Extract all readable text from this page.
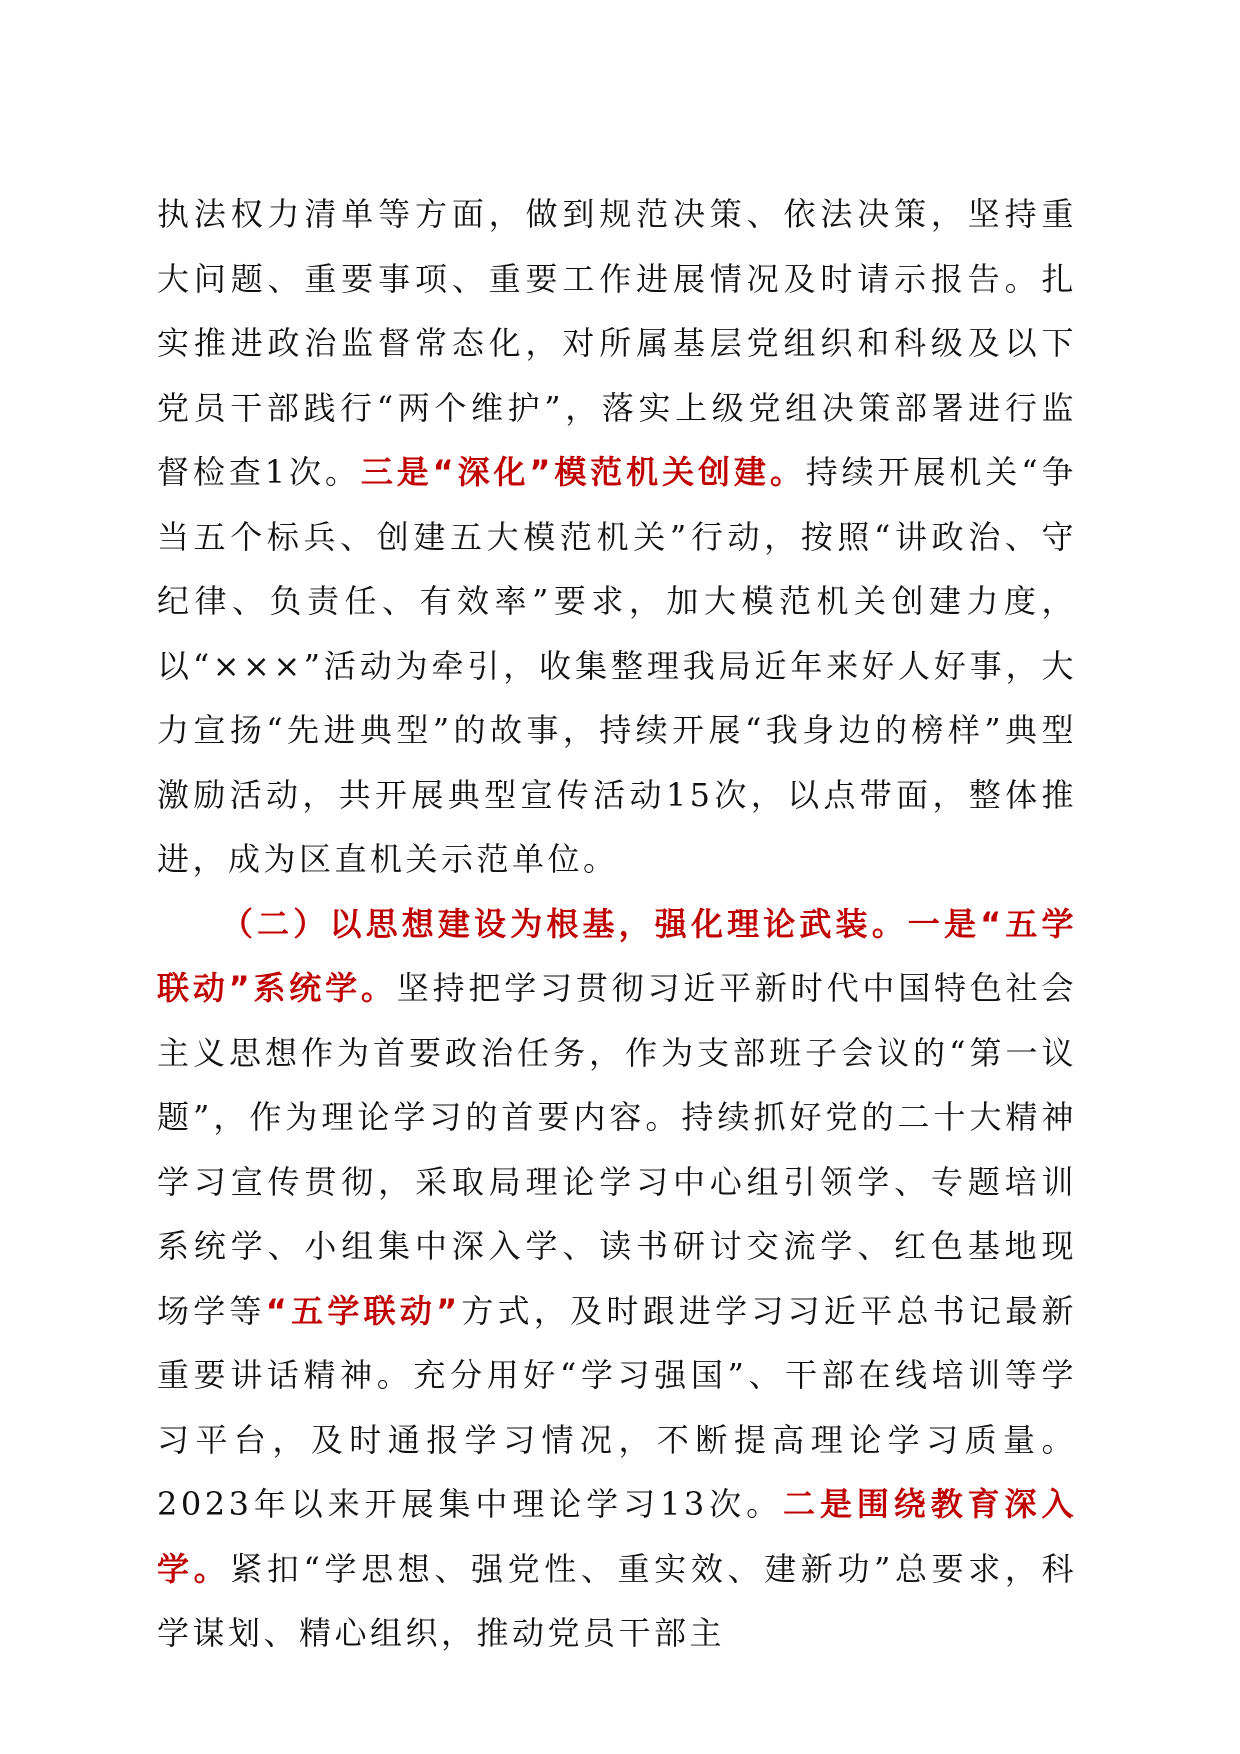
执法权力清单等方面，做到规范决策、依法决策，坚持重大问题、重要事项、重要工作进展情况及时请示报告。扎实推进政治监督常态化，对所属基层党组织和科级及以下党员干部践行“两个维护”，落实上级党组决策部署进行监督检查1次。三是“深化”模范机关创建。持续开展机关“争当五个标兵、创建五大模范机关”行动，按照“讲政治、守纪律、负责任、有效率”要求，加大模范机关创建力度，以“×××”活动为牵引，收集整理我局近年来好人好事，大力宣扬“先进典型”的故事，持续开展“我身边的榜样”典型激励活动，共开展典型宣传活动15次，以点带面，整体推进，成为区直机关示范单位。

（二）以思想建设为根基，强化理论武装。一是“五学联动”系统学。坚持把学习贯彻习近平新时代中国特色社会主义思想作为首要政治任务，作为支部班子会议的“第一议题”，作为理论学习的首要内容。持续抓好党的二十大精神学习宣传贯彻，采取局理论学习中心组引领学、专题培训系统学、小组集中深入学、读书研讨交流学、红色基地现场学等“五学联动”方式，及时跟进学习习近平总书记最新重要讲话精神。充分用好“学习强国”、干部在线培训等学习平台，及时通报学习情况，不断提高理论学习质量。2023年以来开展集中理论学习13次。二是围绕教育深入学。紧扣“学思想、强党性、重实效、建新功”总要求，科学谋划、精心组织，推动党员干部主
